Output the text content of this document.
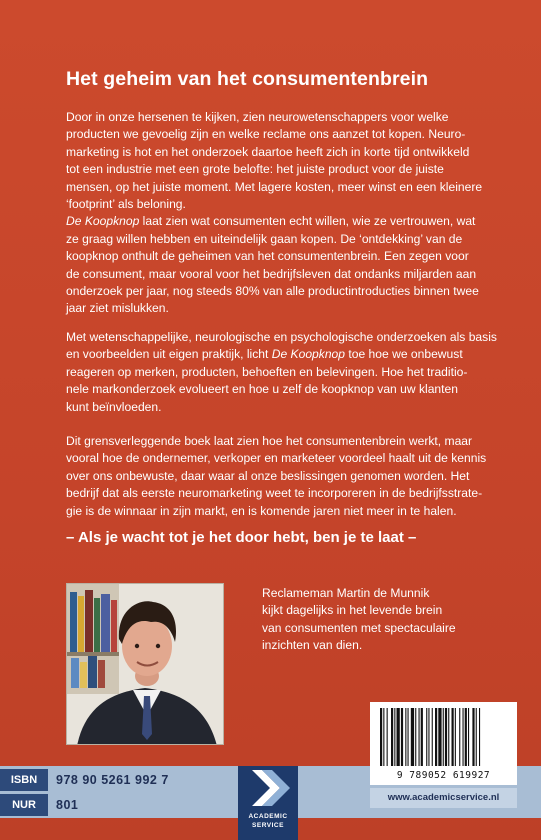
Het geheim van het consumentenbrein
Door in onze hersenen te kijken, zien neurowetenschappers voor welke
producten we gevoelig zijn en welke reclame ons aanzet tot kopen. Neuro-
marketing is hot en het onderzoek daartoe heeft zich in korte tijd ontwikkeld
tot een industrie met een grote belofte: het juiste product voor de juiste
mensen, op het juiste moment. Met lagere kosten, meer winst en een kleinere
‘footprint’ als beloning.
De Koopknop laat zien wat consumenten echt willen, wie ze vertrouwen, wat
ze graag willen hebben en uiteindelijk gaan kopen. De ‘ontdekking’ van de
koopknop onthult de geheimen van het consumentenbrein. Een zegen voor
de consument, maar vooral voor het bedrijfsleven dat ondanks miljarden aan
onderzoek per jaar, nog steeds 80% van alle productintroducties binnen twee
jaar ziet mislukken.
Met wetenschappelijke, neurologische en psychologische onderzoeken als basis
en voorbeelden uit eigen praktijk, licht De Koopknop toe hoe we onbewust
reageren op merken, producten, behoeften en belevingen. Hoe het traditio-
nele markonderzoek evolueert en hoe u zelf de koopknop van uw klanten
kunt beïnvloeden.
Dit grensverleggende boek laat zien hoe het consumentenbrein werkt, maar
vooral hoe de ondernemer, verkoper en marketeer voordeel haalt uit de kennis
over ons onbewuste, daar waar al onze beslissingen genomen worden. Het
bedrijf dat als eerste neuromarketing weet te incorporeren in de bedrijfsstrate-
gie is de winnaar in zijn markt, en is komende jaren niet meer in te halen.
– Als je wacht tot je het door hebt, ben je te laat –
Reclameman Martin de Munnik
kijkt dagelijks in het levende brein
van consumenten met spectaculaire
inzichten van dien.
ISBN	978 90 5261 992 7
NUR	801
ACADEMIC
SERVICE
9 789052 619927
www.academicservice.nl
